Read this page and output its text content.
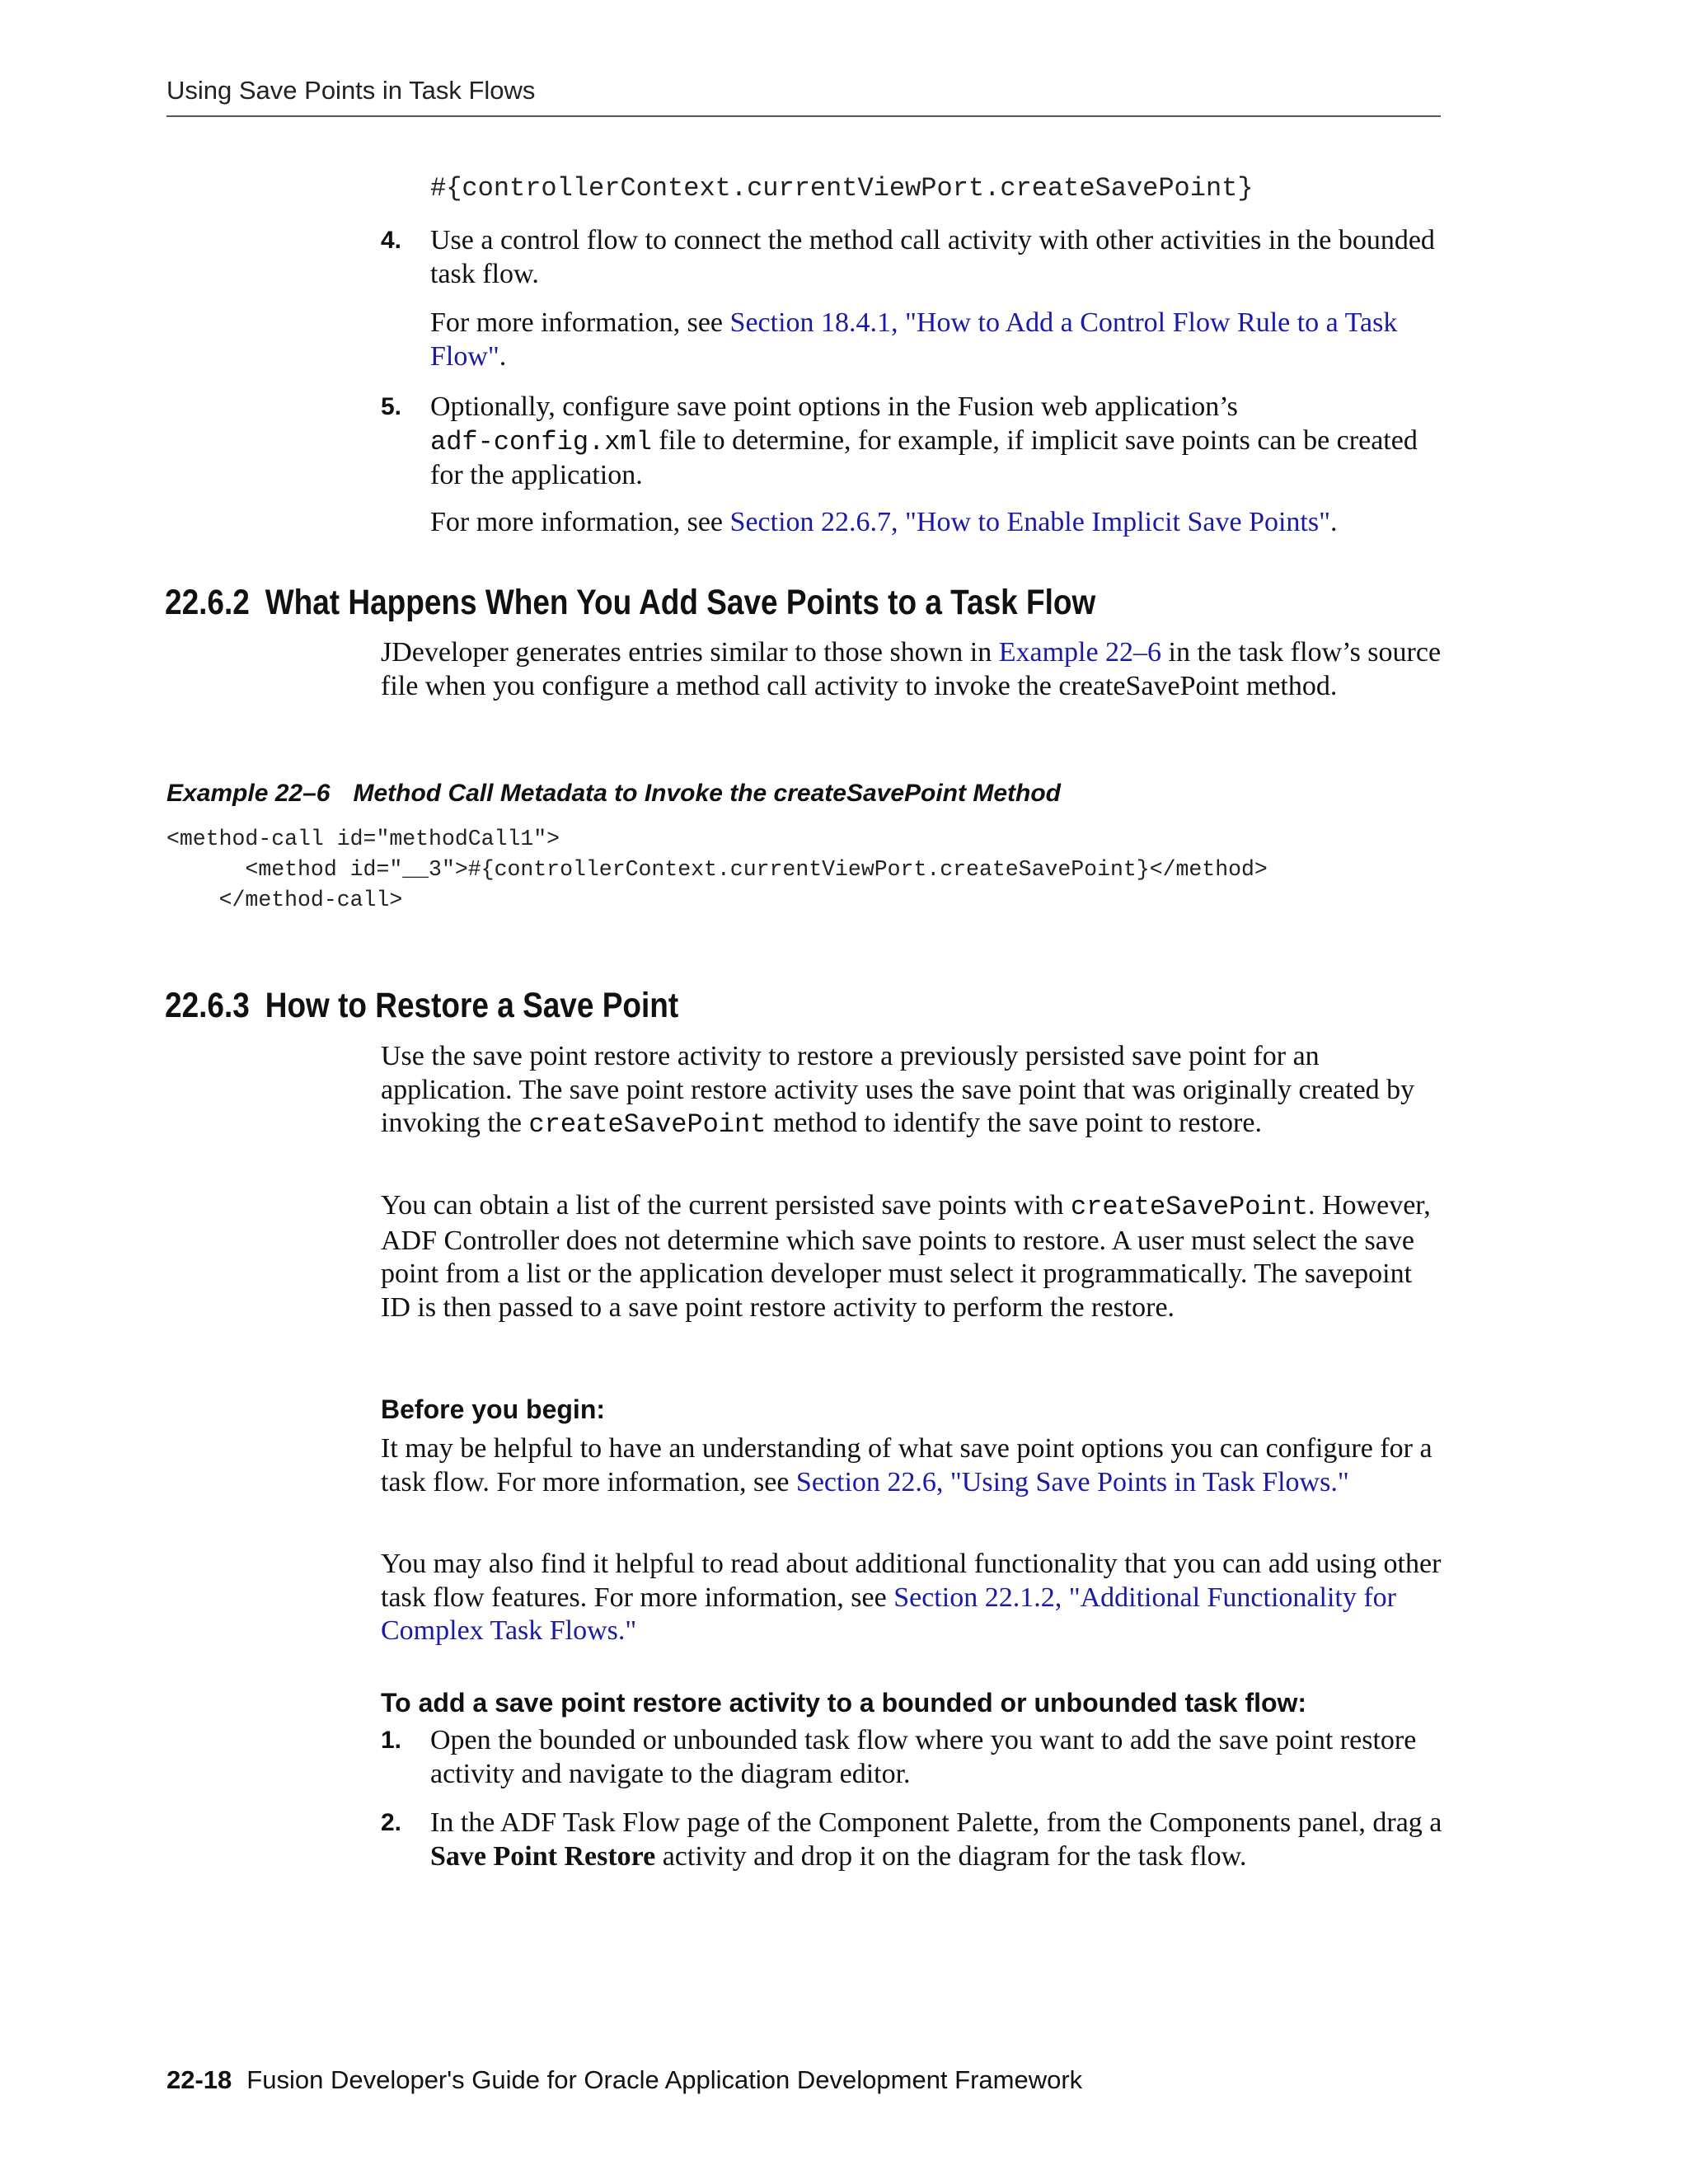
Using Save Points in Task Flows
#{controllerContext.currentViewPort.createSavePoint}
4. Use a control flow to connect the method call activity with other activities in the bounded task flow.

For more information, see Section 18.4.1, "How to Add a Control Flow Rule to a Task Flow".

5. Optionally, configure save point options in the Fusion web application’s
adf-config.xml file to determine, for example, if implicit save points can be created for the application.

For more information, see Section 22.6.7, "How to Enable Implicit Save Points".

22.6.2 What Happens When You Add Save Points to a Task Flow

JDeveloper generates entries similar to those shown in Example 22–6 in the task flow’s source file when you configure a method call activity to invoke the createSavePoint method.

Example 22–6 Method Call Metadata to Invoke the createSavePoint Method
<method-call id="methodCall1">
<method id="__3">#{controllerContext.currentViewPort.createSavePoint}</method>
</method-call>
22.6.3 How to Restore a Save Point

Use the save point restore activity to restore a previously persisted save point for an application. The save point restore activity uses the save point that was originally created by invoking the createSavePoint method to identify the save point to restore.

You can obtain a list of the current persisted save points with createSavePoint. However, ADF Controller does not determine which save points to restore. A user must select the save point from a list or the application developer must select it programmatically. The savepoint ID is then passed to a save point restore activity to perform the restore.

Before you begin:

It may be helpful to have an understanding of what save point options you can configure for a task flow. For more information, see Section 22.6, "Using Save Points in Task Flows."

You may also find it helpful to read about additional functionality that you can add using other task flow features. For more information, see Section 22.1.2, "Additional Functionality for Complex Task Flows."

To add a save point restore activity to a bounded or unbounded task flow:
1. Open the bounded or unbounded task flow where you want to add the save point restore activity and navigate to the diagram editor.
2. In the ADF Task Flow page of the Component Palette, from the Components panel, drag a Save Point Restore activity and drop it on the diagram for the task flow.
22-18 Fusion Developer's Guide for Oracle Application Development Framework
